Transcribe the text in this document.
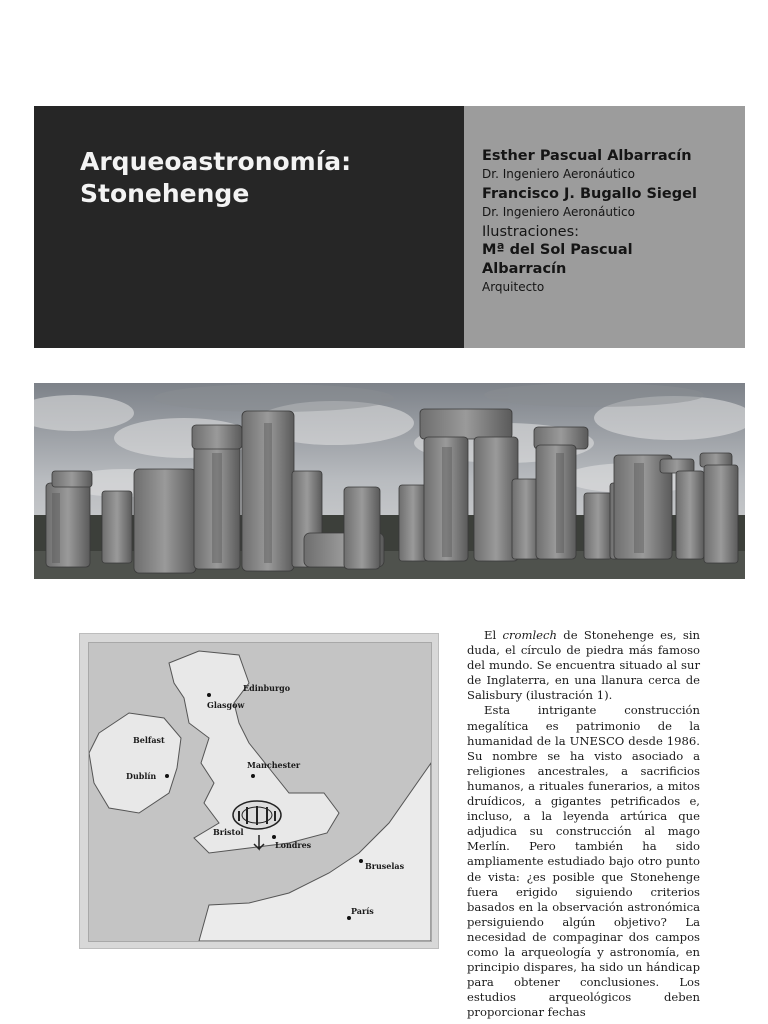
Arqueoastronomía:
Stonehenge
Esther Pascual Albarracín
Dr. Ingeniero Aeronáutico
Francisco J. Bugallo Siegel
Dr. Ingeniero Aeronáutico
Ilustraciones:
Mª del Sol Pascual
Albarracín
Arquitecto
Edinburgo
Glasgow
Belfast
Dublín
Manchester
Bristol
Londres
Bruselas
París

El cromlech de Stonehenge es, sin duda, el círculo de piedra más famoso del mundo. Se encuentra situado al sur de Inglaterra, en una llanura cerca de Salisbury (ilustración 1).

Esta intrigante construcción megalítica es patrimonio de la humanidad de la UNESCO desde 1986. Su nombre se ha visto asociado a religiones ancestrales, a sacrificios humanos, a rituales funerarios, a mitos druídicos, a gigantes petrificados e, incluso, a la leyenda artúrica que adjudica su construcción al mago Merlín. Pero también ha sido ampliamente estudiado bajo otro punto de vista: ¿es posible que Stonehenge fuera erigido siguiendo criterios basados en la observación astronómica persiguiendo algún objetivo? La necesidad de compaginar dos campos como la arqueología y astronomía, en principio dispares, ha sido un hándicap para obtener conclusiones. Los estudios arqueológicos deben proporcionar fechas
